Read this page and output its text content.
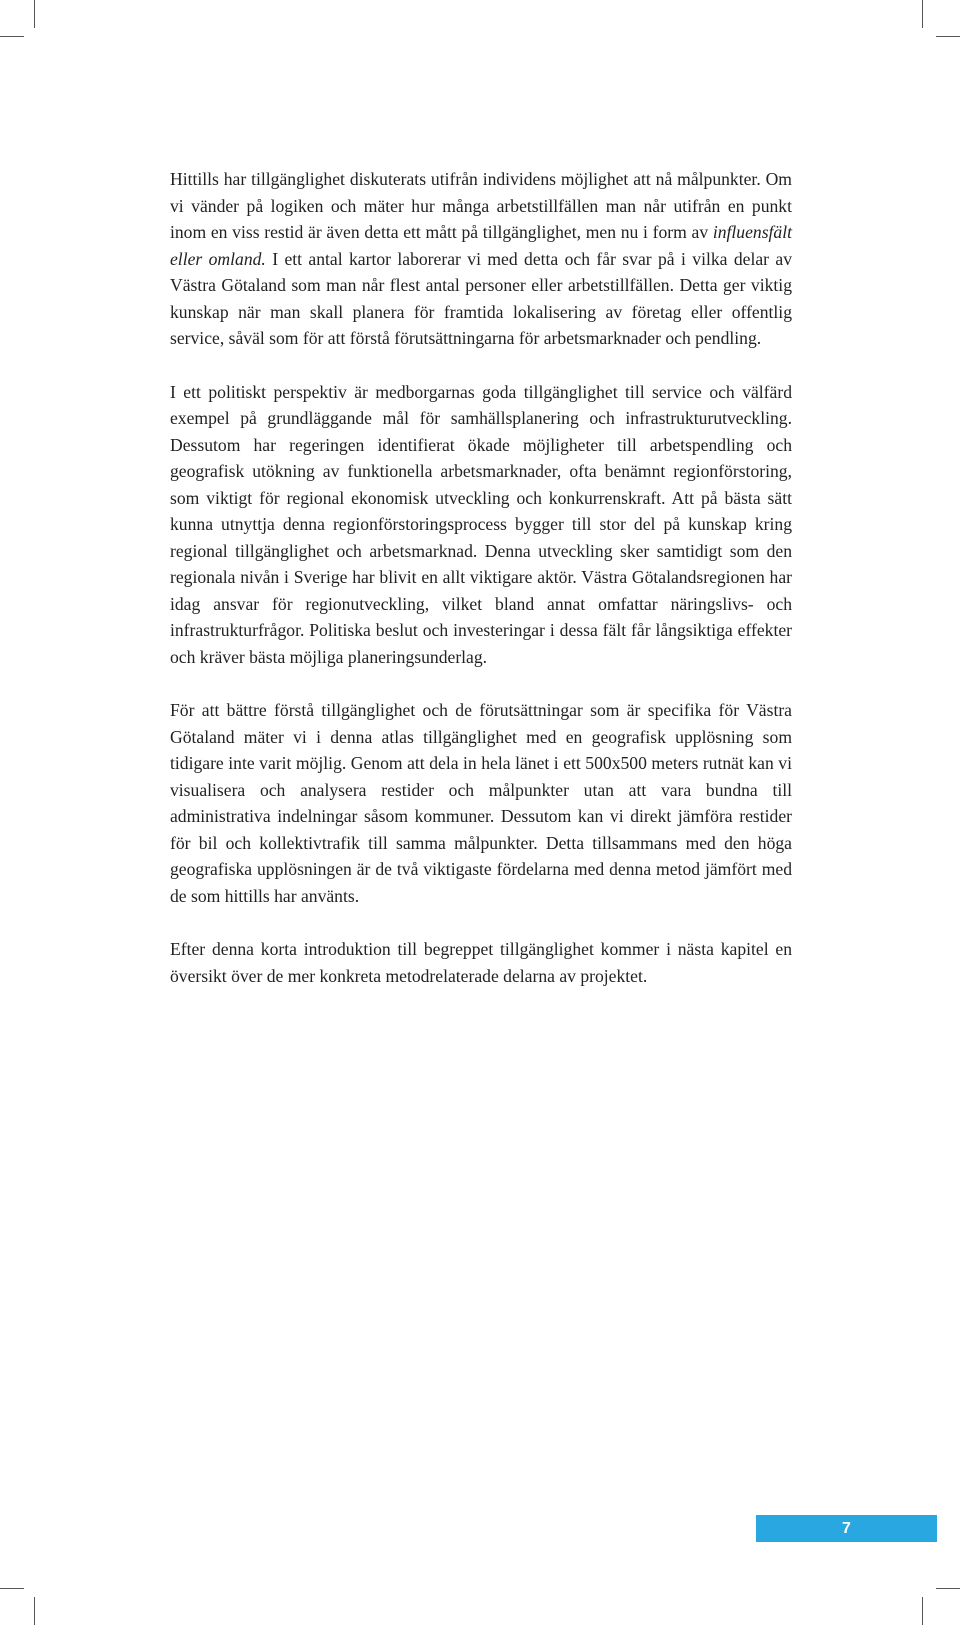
Hittills har tillgänglighet diskuterats utifrån individens möjlighet att nå målpunkter. Om vi vänder på logiken och mäter hur många arbetstillfällen man når utifrån en punkt inom en viss restid är även detta ett mått på tillgänglighet, men nu i form av influensfält eller omland. I ett antal kartor laborerar vi med detta och får svar på i vilka delar av Västra Götaland som man når flest antal personer eller arbetstillfällen. Detta ger viktig kunskap när man skall planera för framtida lokalisering av företag eller offentlig service, såväl som för att förstå förutsättningarna för arbetsmarknader och pendling.

I ett politiskt perspektiv är medborgarnas goda tillgänglighet till service och välfärd exempel på grundläggande mål för samhällsplanering och infrastrukturutveckling. Dessutom har regeringen identifierat ökade möjligheter till arbetspendling och geografisk utökning av funktionella arbetsmarknader, ofta benämnt regionförstoring, som viktigt för regional ekonomisk utveckling och konkurrenskraft. Att på bästa sätt kunna utnyttja denna regionförstoringsprocess bygger till stor del på kunskap kring regional tillgänglighet och arbetsmarknad. Denna utveckling sker samtidigt som den regionala nivån i Sverige har blivit en allt viktigare aktör. Västra Götalandsregionen har idag ansvar för regionutveckling, vilket bland annat omfattar näringslivs- och infrastrukturfrågor. Politiska beslut och investeringar i dessa fält får långsiktiga effekter och kräver bästa möjliga planeringsunderlag.

För att bättre förstå tillgänglighet och de förutsättningar som är specifika för Västra Götaland mäter vi i denna atlas tillgänglighet med en geografisk upplösning som tidigare inte varit möjlig. Genom att dela in hela länet i ett 500x500 meters rutnät kan vi visualisera och analysera restider och målpunkter utan att vara bundna till administrativa indelningar såsom kommuner. Dessutom kan vi direkt jämföra restider för bil och kollektivtrafik till samma målpunkter. Detta tillsammans med den höga geografiska upplösningen är de två viktigaste fördelarna med denna metod jämfört med de som hittills har använts.

Efter denna korta introduktion till begreppet tillgänglighet kommer i nästa kapitel en översikt över de mer konkreta metodrelaterade delarna av projektet.

7
